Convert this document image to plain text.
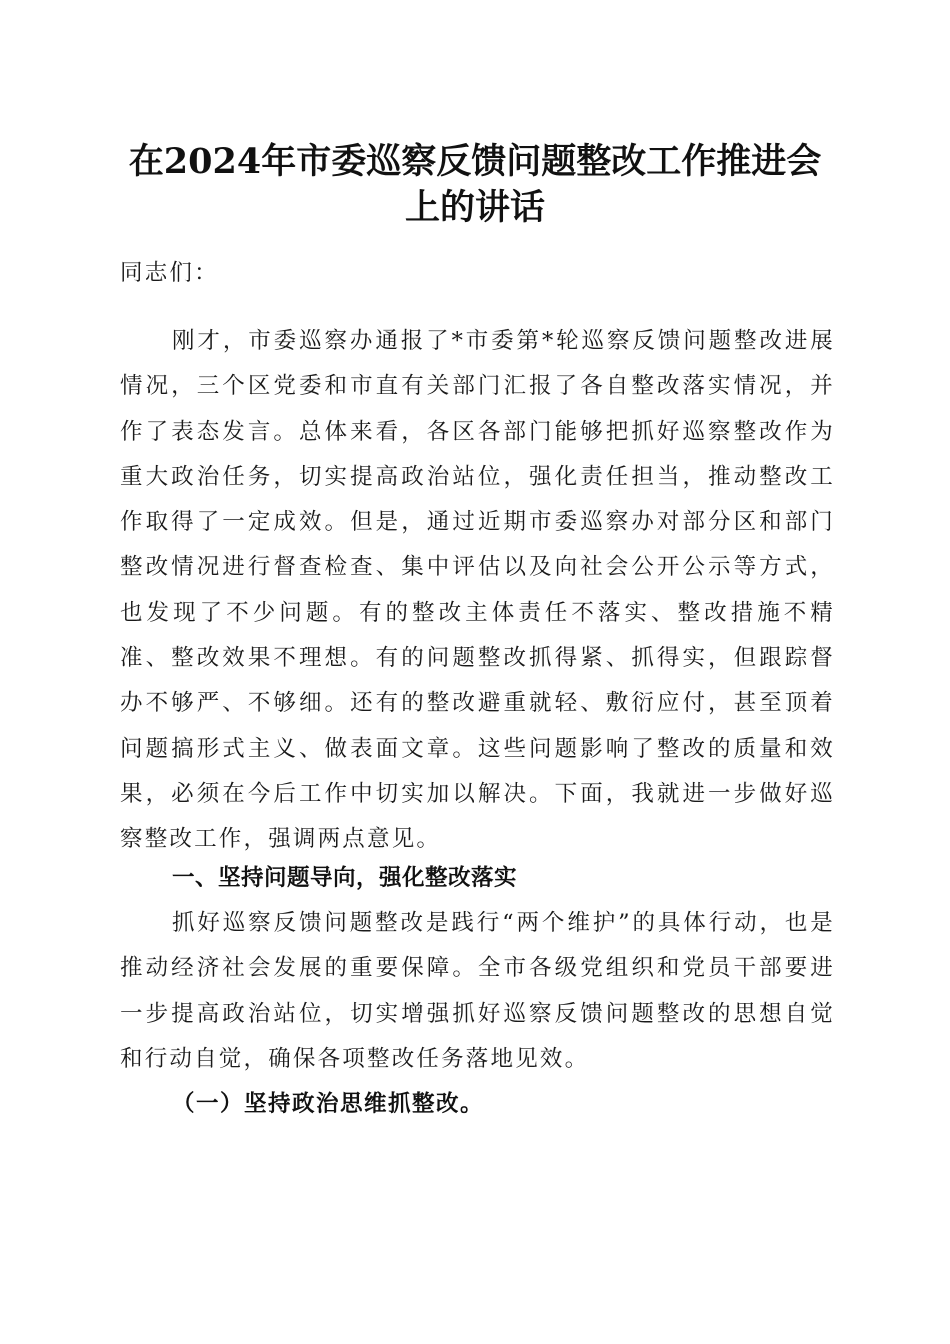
在2024年市委巡察反馈问题整改工作推进会
上的讲话

同志们：

刚才，市委巡察办通报了*市委第*轮巡察反馈问题整改进展情况，三个区党委和市直有关部门汇报了各自整改落实情况，并作了表态发言。总体来看，各区各部门能够把抓好巡察整改作为重大政治任务，切实提高政治站位，强化责任担当，推动整改工作取得了一定成效。但是，通过近期市委巡察办对部分区和部门整改情况进行督查检查、集中评估以及向社会公开公示等方式，也发现了不少问题。有的整改主体责任不落实、整改措施不精准、整改效果不理想。有的问题整改抓得紧、抓得实，但跟踪督办不够严、不够细。还有的整改避重就轻、敷衍应付，甚至顶着问题搞形式主义、做表面文章。这些问题影响了整改的质量和效果，必须在今后工作中切实加以解决。下面，我就进一步做好巡察整改工作，强调两点意见。

一、坚持问题导向，强化整改落实

抓好巡察反馈问题整改是践行“两个维护”的具体行动，也是推动经济社会发展的重要保障。全市各级党组织和党员干部要进一步提高政治站位，切实增强抓好巡察反馈问题整改的思想自觉和行动自觉，确保各项整改任务落地见效。

（一）坚持政治思维抓整改。
